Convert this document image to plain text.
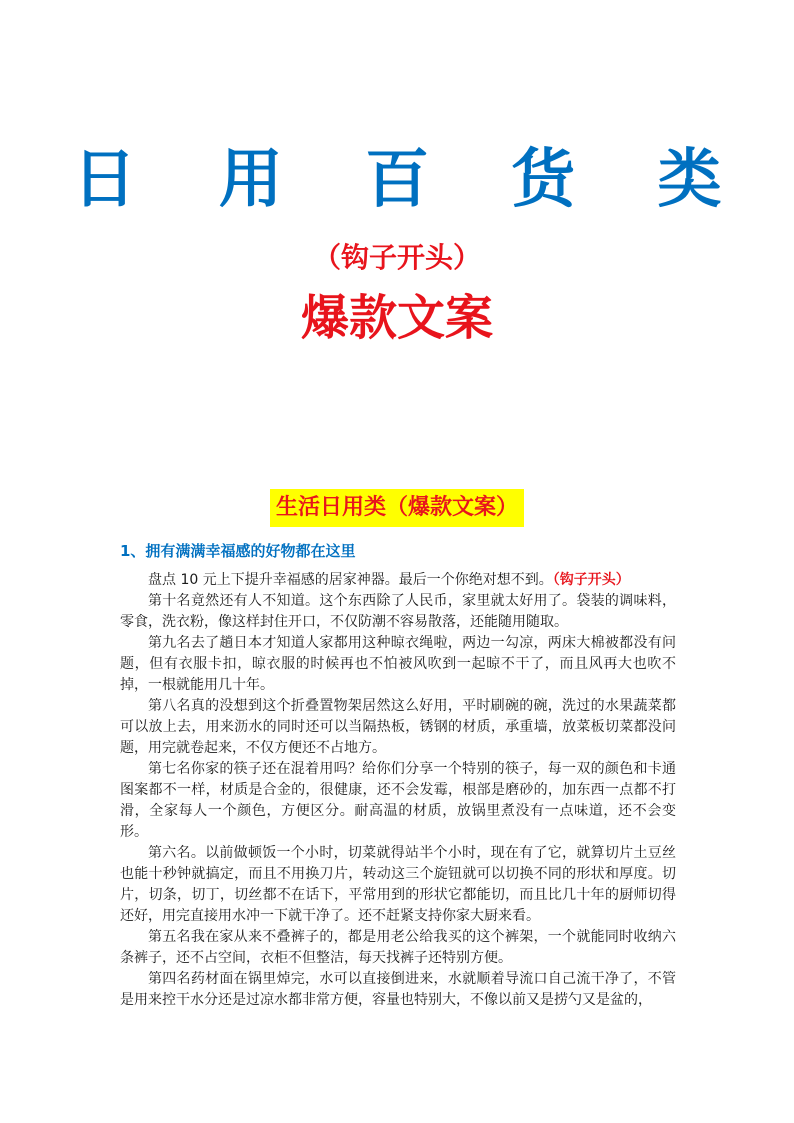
日 用 百 货 类
（钩子开头）
爆款文案
生活日用类（爆款文案）
1、拥有满满幸福感的好物都在这里

盘点 10 元上下提升幸福感的居家神器。最后一个你绝对想不到。（钩子开头）

第十名竟然还有人不知道。这个东西除了人民币，家里就太好用了。袋装的调味料，零食，洗衣粉，像这样封住开口，不仅防潮不容易散落，还能随用随取。

第九名去了趟日本才知道人家都用这种晾衣绳啦，两边一勾凉，两床大棉被都没有问题，但有衣服卡扣，晾衣服的时候再也不怕被风吹到一起晾不干了，而且风再大也吹不掉，一根就能用几十年。

第八名真的没想到这个折叠置物架居然这么好用，平时刷碗的碗，洗过的水果蔬菜都可以放上去，用来沥水的同时还可以当隔热板，锈钢的材质，承重墙，放菜板切菜都没问题，用完就卷起来，不仅方便还不占地方。

第七名你家的筷子还在混着用吗？给你们分享一个特别的筷子，每一双的颜色和卡通图案都不一样，材质是合金的，很健康，还不会发霉，根部是磨砂的，加东西一点都不打滑，全家每人一个颜色，方便区分。耐高温的材质，放锅里煮没有一点味道，还不会变形。

第六名。以前做顿饭一个小时，切菜就得站半个小时，现在有了它，就算切片土豆丝也能十秒钟就搞定，而且不用换刀片，转动这三个旋钮就可以切换不同的形状和厚度。切片，切条，切丁，切丝都不在话下，平常用到的形状它都能切，而且比几十年的厨师切得还好，用完直接用水冲一下就干净了。还不赶紧支持你家大厨来看。

第五名我在家从来不叠裤子的，都是用老公给我买的这个裤架，一个就能同时收纳六条裤子，还不占空间，衣柜不但整洁，每天找裤子还特别方便。

第四名药材面在锅里焯完，水可以直接倒进来，水就顺着导流口自己流干净了，不管是用来控干水分还是过凉水都非常方便，容量也特别大，不像以前又是捞勺又是盆的，
